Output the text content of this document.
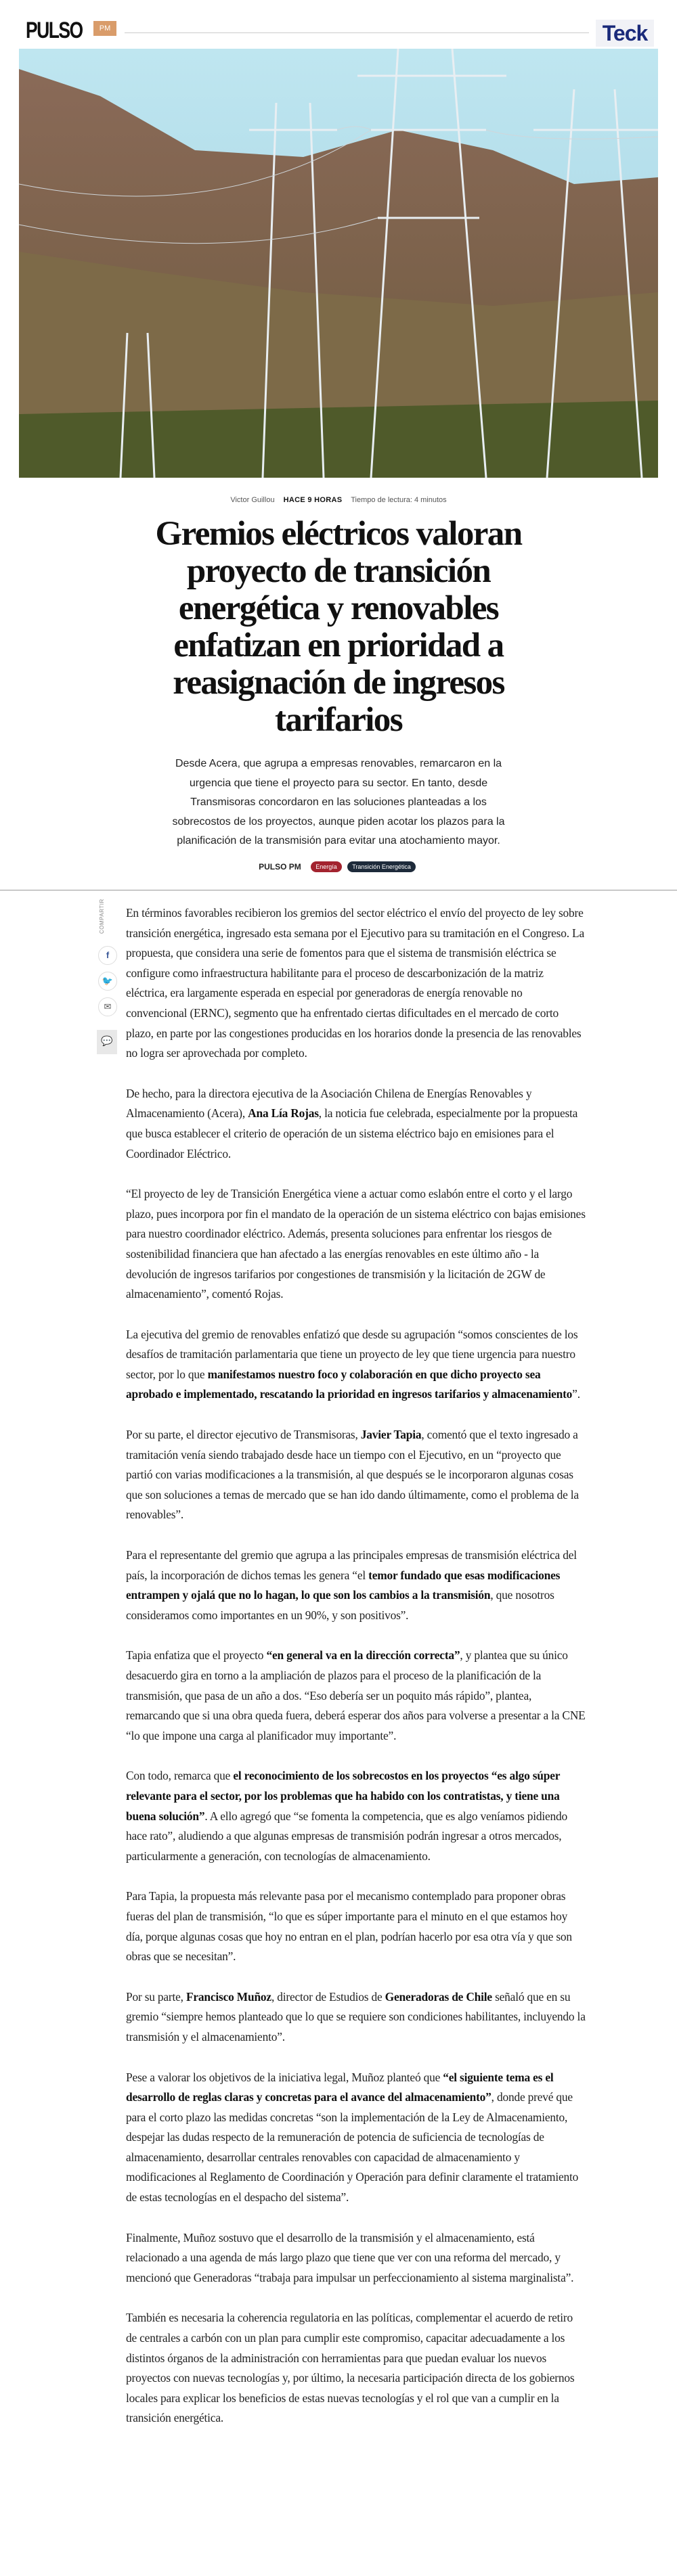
PULSO	PM	Teck
Victor Guillou HACE 9 HORAS Tiempo de lectura: 4 minutos
Gremios eléctricos valoran proyecto de transición energética y renovables enfatizan en prioridad a reasignación de ingresos tarifarios

Desde Acera, que agrupa a empresas renovables, remarcaron en la urgencia que tiene el proyecto para su sector. En tanto, desde Transmisoras concordaron en las soluciones planteadas a los sobrecostos de los proyectos, aunque piden acotar los plazos para la planificación de la transmisión para evitar una atochamiento mayor.

PULSO PM Energía Transición Energética
COMPARTIR
f
🐦
✉
💬

En términos favorables recibieron los gremios del sector eléctrico el envío del proyecto de ley sobre transición energética, ingresado esta semana por el Ejecutivo para su tramitación en el Congreso. La propuesta, que considera una serie de fomentos para que el sistema de transmisión eléctrica se configure como infraestructura habilitante para el proceso de descarbonización de la matriz eléctrica, era largamente esperada en especial por generadoras de energía renovable no convencional (ERNC), segmento que ha enfrentado ciertas dificultades en el mercado de corto plazo, en parte por las congestiones producidas en los horarios donde la presencia de las renovables no logra ser aprovechada por completo.

De hecho, para la directora ejecutiva de la Asociación Chilena de Energías Renovables y Almacenamiento (Acera), Ana Lía Rojas, la noticia fue celebrada, especialmente por la propuesta que busca establecer el criterio de operación de un sistema eléctrico bajo en emisiones para el Coordinador Eléctrico.

“El proyecto de ley de Transición Energética viene a actuar como eslabón entre el corto y el largo plazo, pues incorpora por fin el mandato de la operación de un sistema eléctrico con bajas emisiones para nuestro coordinador eléctrico. Además, presenta soluciones para enfrentar los riesgos de sostenibilidad financiera que han afectado a las energías renovables en este último año - la devolución de ingresos tarifarios por congestiones de transmisión y la licitación de 2GW de almacenamiento”, comentó Rojas.

La ejecutiva del gremio de renovables enfatizó que desde su agrupación “somos conscientes de los desafíos de tramitación parlamentaria que tiene un proyecto de ley que tiene urgencia para nuestro sector, por lo que manifestamos nuestro foco y colaboración en que dicho proyecto sea aprobado e implementado, rescatando la prioridad en ingresos tarifarios y almacenamiento”.

Por su parte, el director ejecutivo de Transmisoras, Javier Tapia, comentó que el texto ingresado a tramitación venía siendo trabajado desde hace un tiempo con el Ejecutivo, en un “proyecto que partió con varias modificaciones a la transmisión, al que después se le incorporaron algunas cosas que son soluciones a temas de mercado que se han ido dando últimamente, como el problema de la renovables”.

Para el representante del gremio que agrupa a las principales empresas de transmisión eléctrica del país, la incorporación de dichos temas les genera “el temor fundado que esas modificaciones entrampen y ojalá que no lo hagan, lo que son los cambios a la transmisión, que nosotros consideramos como importantes en un 90%, y son positivos”.

Tapia enfatiza que el proyecto “en general va en la dirección correcta”, y plantea que su único desacuerdo gira en torno a la ampliación de plazos para el proceso de la planificación de la transmisión, que pasa de un año a dos. “Eso debería ser un poquito más rápido”, plantea, remarcando que si una obra queda fuera, deberá esperar dos años para volverse a presentar a la CNE “lo que impone una carga al planificador muy importante”.

Con todo, remarca que el reconocimiento de los sobrecostos en los proyectos “es algo súper relevante para el sector, por los problemas que ha habido con los contratistas, y tiene una buena solución”. A ello agregó que “se fomenta la competencia, que es algo veníamos pidiendo hace rato”, aludiendo a que algunas empresas de transmisión podrán ingresar a otros mercados, particularmente a generación, con tecnologías de almacenamiento.

Para Tapia, la propuesta más relevante pasa por el mecanismo contemplado para proponer obras fueras del plan de transmisión, “lo que es súper importante para el minuto en el que estamos hoy día, porque algunas cosas que hoy no entran en el plan, podrían hacerlo por esa otra vía y que son obras que se necesitan”.

Por su parte, Francisco Muñoz, director de Estudios de Generadoras de Chile señaló que en su gremio “siempre hemos planteado que lo que se requiere son condiciones habilitantes, incluyendo la transmisión y el almacenamiento”.

Pese a valorar los objetivos de la iniciativa legal, Muñoz planteó que “el siguiente tema es el desarrollo de reglas claras y concretas para el avance del almacenamiento”, donde prevé que para el corto plazo las medidas concretas “son la implementación de la Ley de Almacenamiento, despejar las dudas respecto de la remuneración de potencia de suficiencia de tecnologías de almacenamiento, desarrollar centrales renovables con capacidad de almacenamiento y modificaciones al Reglamento de Coordinación y Operación para definir claramente el tratamiento de estas tecnologías en el despacho del sistema”.

Finalmente, Muñoz sostuvo que el desarrollo de la transmisión y el almacenamiento, está relacionado a una agenda de más largo plazo que tiene que ver con una reforma del mercado, y mencionó que Generadoras “trabaja para impulsar un perfeccionamiento al sistema marginalista”.

También es necesaria la coherencia regulatoria en las políticas, complementar el acuerdo de retiro de centrales a carbón con un plan para cumplir este compromiso, capacitar adecuadamente a los distintos órganos de la administración con herramientas para que puedan evaluar los nuevos proyectos con nuevas tecnologías y, por último, la necesaria participación directa de los gobiernos locales para explicar los beneficios de estas nuevas tecnologías y el rol que van a cumplir en la transición energética.
